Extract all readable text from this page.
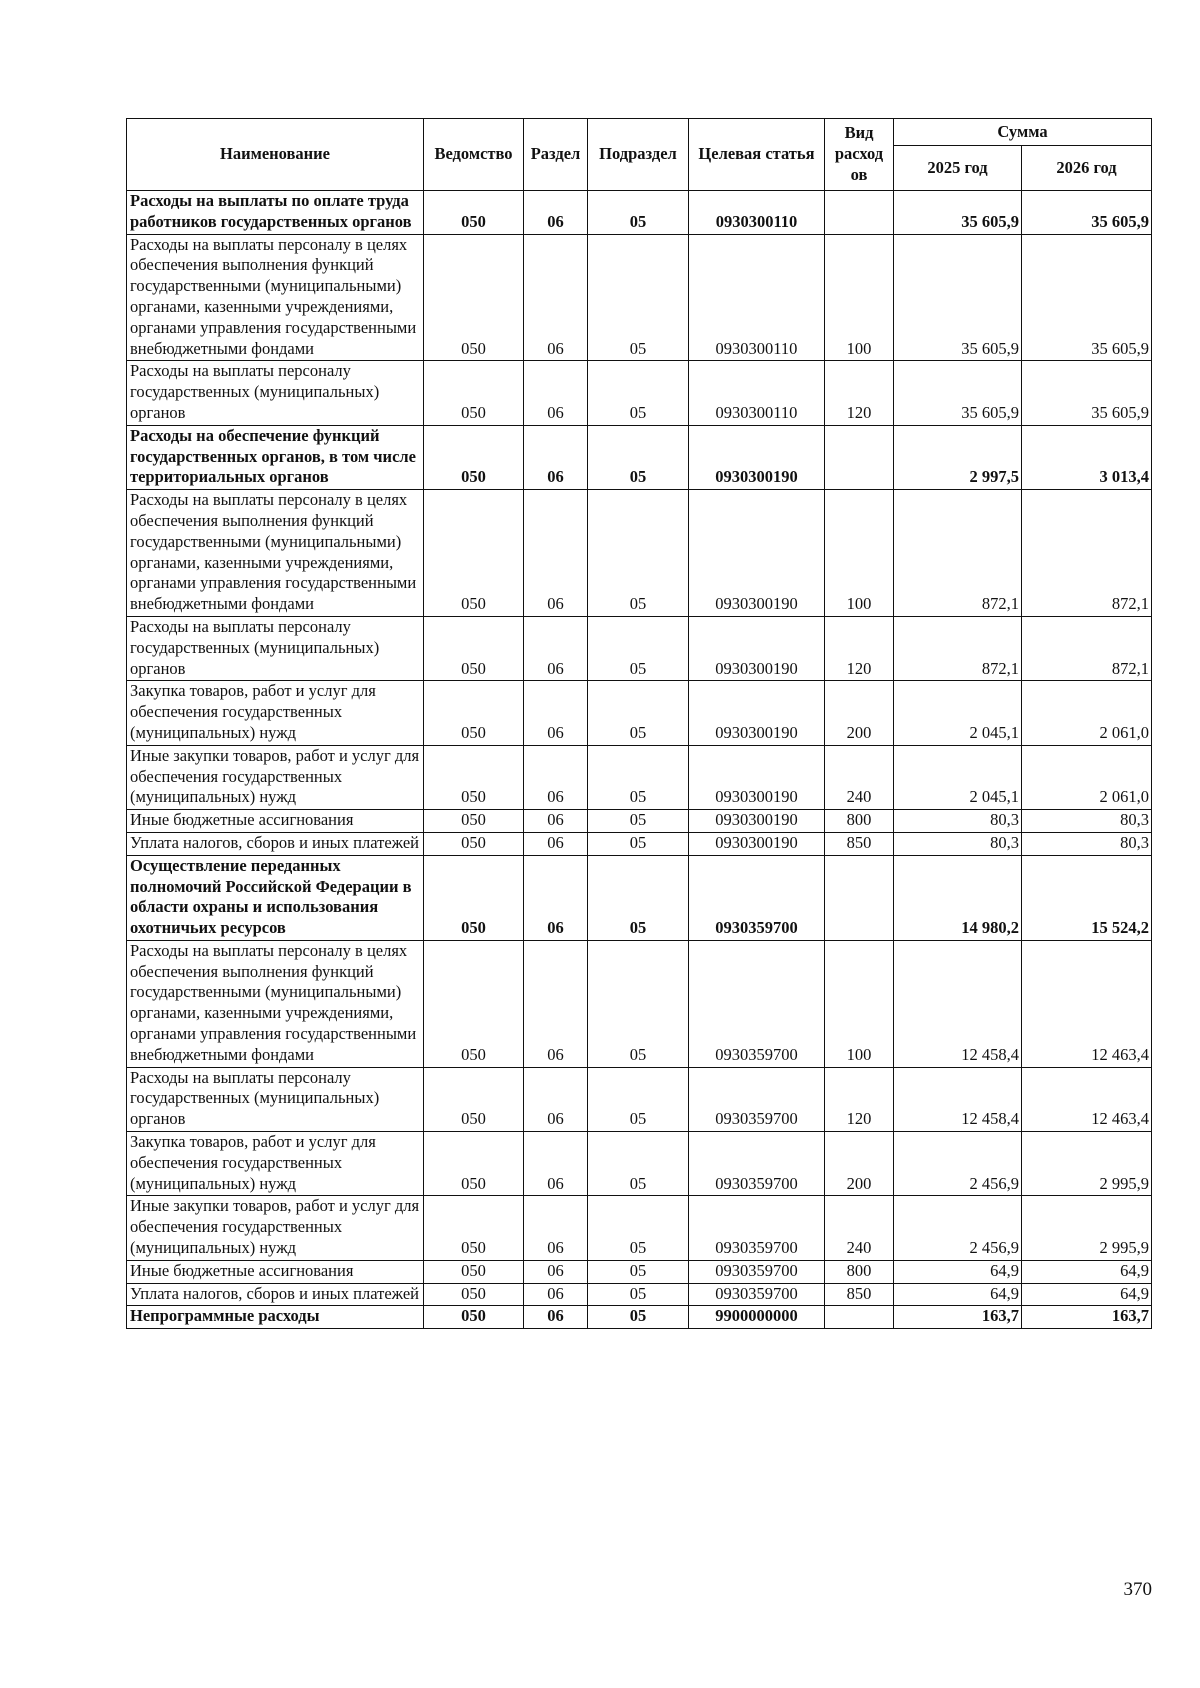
Наименование	Ведомство	Раздел	Подраздел	Целевая статья	Вид расход ов	Сумма	
						2025 год	2026 год
Расходы на выплаты по оплате труда работников государственных органов	050	06	05	0930300110		35 605,9	35 605,9
Расходы на выплаты персоналу в целях обеспечения выполнения функций государственными (муниципальными) органами, казенными учреждениями, органами управления государственными внебюджетными фондами	050	06	05	0930300110	100	35 605,9	35 605,9
Расходы на выплаты персоналу государственных (муниципальных) органов	050	06	05	0930300110	120	35 605,9	35 605,9
Расходы на обеспечение функций государственных органов, в том числе территориальных органов	050	06	05	0930300190		2 997,5	3 013,4
Расходы на выплаты персоналу в целях обеспечения выполнения функций государственными (муниципальными) органами, казенными учреждениями, органами управления государственными внебюджетными фондами	050	06	05	0930300190	100	872,1	872,1
Расходы на выплаты персоналу государственных (муниципальных) органов	050	06	05	0930300190	120	872,1	872,1
Закупка товаров, работ и услуг для обеспечения государственных (муниципальных) нужд	050	06	05	0930300190	200	2 045,1	2 061,0
Иные закупки товаров, работ и услуг для обеспечения государственных (муниципальных) нужд	050	06	05	0930300190	240	2 045,1	2 061,0
Иные бюджетные ассигнования	050	06	05	0930300190	800	80,3	80,3
Уплата налогов, сборов и иных платежей	050	06	05	0930300190	850	80,3	80,3
Осуществление переданных полномочий Российской Федерации в области охраны и использования охотничьих ресурсов	050	06	05	0930359700		14 980,2	15 524,2
Расходы на выплаты персоналу в целях обеспечения выполнения функций государственными (муниципальными) органами, казенными учреждениями, органами управления государственными внебюджетными фондами	050	06	05	0930359700	100	12 458,4	12 463,4
Расходы на выплаты персоналу государственных (муниципальных) органов	050	06	05	0930359700	120	12 458,4	12 463,4
Закупка товаров, работ и услуг для обеспечения государственных (муниципальных) нужд	050	06	05	0930359700	200	2 456,9	2 995,9
Иные закупки товаров, работ и услуг для обеспечения государственных (муниципальных) нужд	050	06	05	0930359700	240	2 456,9	2 995,9
Иные бюджетные ассигнования	050	06	05	0930359700	800	64,9	64,9
Уплата налогов, сборов и иных платежей	050	06	05	0930359700	850	64,9	64,9
Непрограммные расходы	050	06	05	9900000000		163,7	163,7
370
